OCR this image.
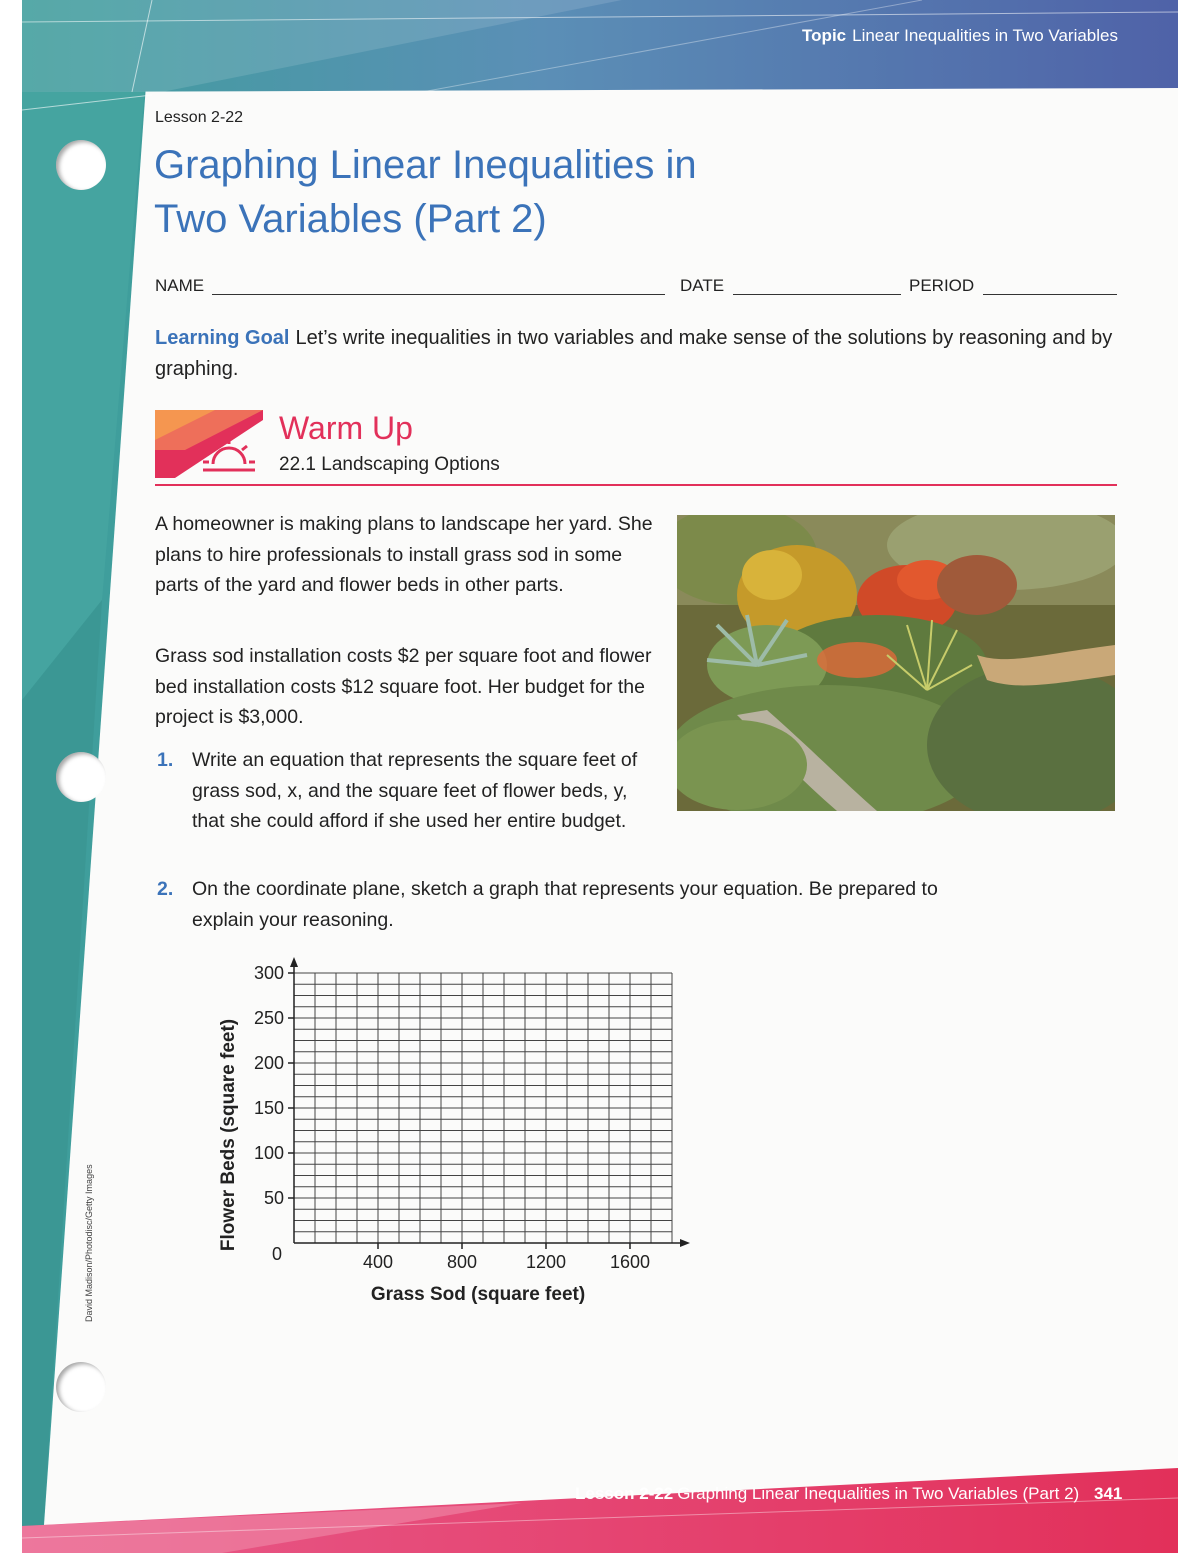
Topic Linear Inequalities in Two Variables
David Madison/Photodisc/Getty Images
Lesson 2-22
Graphing Linear Inequalities in
Two Variables (Part 2)
NAME	DATE	PERIOD

Learning Goal Let’s write inequalities in two variables and make sense of the solutions by reasoning and by graphing.

Warm Up
22.1 Landscaping Options

A homeowner is making plans to landscape her yard. She plans to hire professionals to install grass sod in some parts of the yard and flower beds in other parts.

Grass sod installation costs $2 per square foot and flower bed installation costs $12 square foot. Her budget for the project is $3,000.

1. Write an equation that represents the square feet of grass sod, x, and the square feet of flower beds, y, that she could afford if she used her entire budget.
2. On the coordinate plane, sketch a graph that represents your equation. Be prepared to explain your reasoning.
400	800	1200 1600
50
100
150
200
250
300
0
Grass Sod (square feet)
Flower Beds (square feet)
Lesson 2-22 Graphing Linear Inequalities in Two Variables (Part 2) 341
